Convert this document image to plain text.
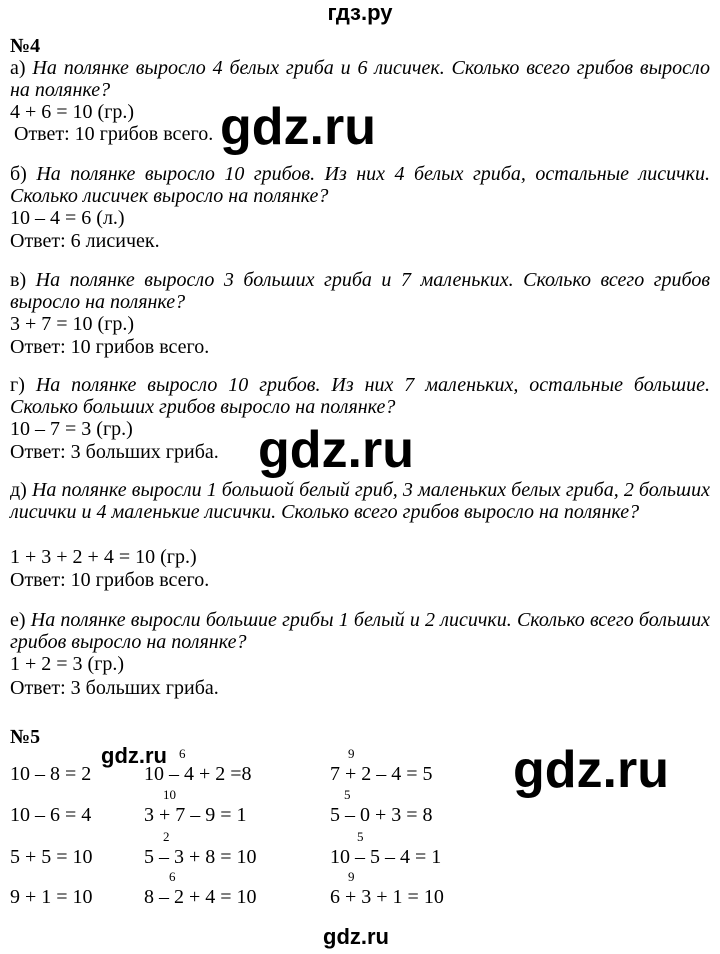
гдз.ру
№4
а) На полянке выросло 4 белых гриба и 6 лисичек. Сколько всего грибов выросло на полянке?
4 + 6 = 10 (гр.)
Ответ: 10 грибов всего.
б) На полянке выросло 10 грибов. Из них 4 белых гриба, остальные лисички. Сколько лисичек выросло на полянке?
10 – 4 = 6 (л.)
Ответ: 6 лисичек.
в) На полянке выросло 3 больших гриба и 7 маленьких. Сколько всего грибов выросло на полянке?
3 + 7 = 10 (гр.)
Ответ: 10 грибов всего.
г) На полянке выросло 10 грибов. Из них 7 маленьких, остальные большие. Сколько больших грибов выросло на полянке?
10 – 7 = 3 (гр.)
Ответ: 3 больших гриба.
д) На полянке выросли 1 большой белый гриб, 3 маленьких белых гриба, 2 больших лисички и 4 маленькие лисички. Сколько всего грибов выросло на полянке?
1 + 3 + 2 + 4 = 10 (гр.)
Ответ: 10 грибов всего.
е) На полянке выросли большие грибы 1 белый и 2 лисички. Сколько всего больших грибов выросло на полянке?
1 + 2 = 3 (гр.)
Ответ: 3 больших гриба.
№5
10 – 8 = 2
10 – 6 = 4
5 + 5 = 10
9 + 1 = 10
6
10 – 4 + 2 =8
10
3 + 7 – 9 = 1
2
5 – 3 + 8 = 10
6
8 – 2 + 4 = 10
9
7 + 2 – 4 = 5
5
5 – 0 + 3 = 8
5
10 – 5 – 4 = 1
9
6 + 3 + 1 = 10
gdz.ru
gdz.ru
gdz.ru
gdz.ru
gdz.ru
